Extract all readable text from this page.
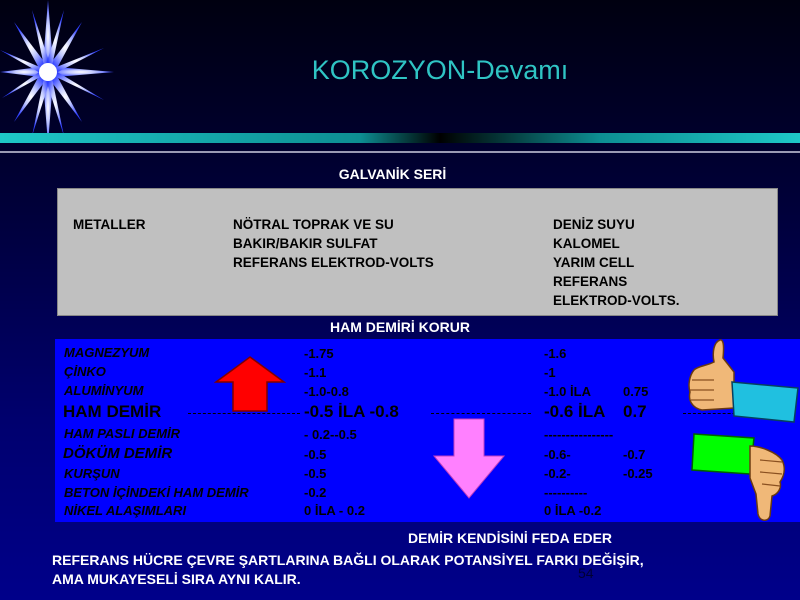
KOROZYON-Devamı
GALVANİK SERİ
METALLER	NÖTRAL TOPRAK VE SU
BAKIR/BAKIR SULFAT
REFERANS ELEKTROD-VOLTS
DENİZ SUYU
KALOMEL
YARIM CELL
REFERANS
ELEKTROD-VOLTS.
HAM DEMİRİ KORUR
MAGNEZYUM	-1.75	-1.6
ÇİNKO	-1.1	-1
ALUMİNYUM	-1.0-0.8	-1.0 İLA 0.75
HAM DEMİR	-0.5 İLA -0.8	-0.6 İLA 0.7
HAM PASLI DEMİR	- 0.2--0.5	----------------
DÖKÜM DEMİR	-0.5	-0.6-	-0.7
KURŞUN	-0.5	-0.2-	-0.25
BETON İÇİNDEKİ HAM DEMİR	-0.2	----------
NİKEL ALAŞIMLARI	0 İLA - 0.2	0 İLA -0.2
DEMİR KENDİSİNİ FEDA EDER
54
REFERANS HÜCRE ÇEVRE ŞARTLARINA BAĞLI OLARAK POTANSİYEL FARKI DEĞİŞİR,
AMA MUKAYESELİ SIRA AYNI KALIR.
